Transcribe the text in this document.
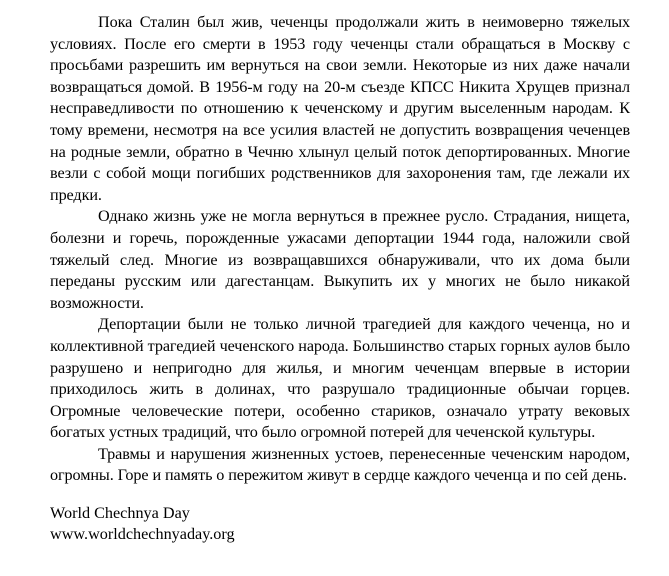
Пока Сталин был жив, чеченцы продолжали жить в неимоверно тяжелых условиях. После его смерти в 1953 году чеченцы стали обращаться в Москву с просьбами разрешить им вернуться на свои земли. Некоторые из них даже начали возвращаться домой. В 1956-м году на 20-м съезде КПСС Никита Хрущев признал несправедливости по отношению к чеченскому и другим выселенным народам. К тому времени, несмотря на все усилия властей не допустить возвращения чеченцев на родные земли, обратно в Чечню хлынул целый поток депортированных. Многие везли с собой мощи погибших родственников для захоронения там, где лежали их предки.

Однако жизнь уже не могла вернуться в прежнее русло. Страдания, нищета, болезни и горечь, порожденные ужасами депортации 1944 года, наложили свой тяжелый след. Многие из возвращавшихся обнаруживали, что их дома были переданы русским или дагестанцам. Выкупить их у многих не было никакой возможности.

Депортации были не только личной трагедией для каждого чеченца, но и коллективной трагедией чеченского народа. Большинство старых горных аулов было разрушено и непригодно для жилья, и многим чеченцам впервые в истории приходилось жить в долинах, что разрушало традиционные обычаи горцев. Огромные человеческие потери, особенно стариков, означало утрату вековых богатых устных традиций, что было огромной потерей для чеченской культуры.

Травмы и нарушения жизненных устоев, перенесенные чеченским народом, огромны. Горе и память о пережитом живут в сердце каждого чеченца и по сей день.

World Chechnya Day
www.worldchechnyaday.org
